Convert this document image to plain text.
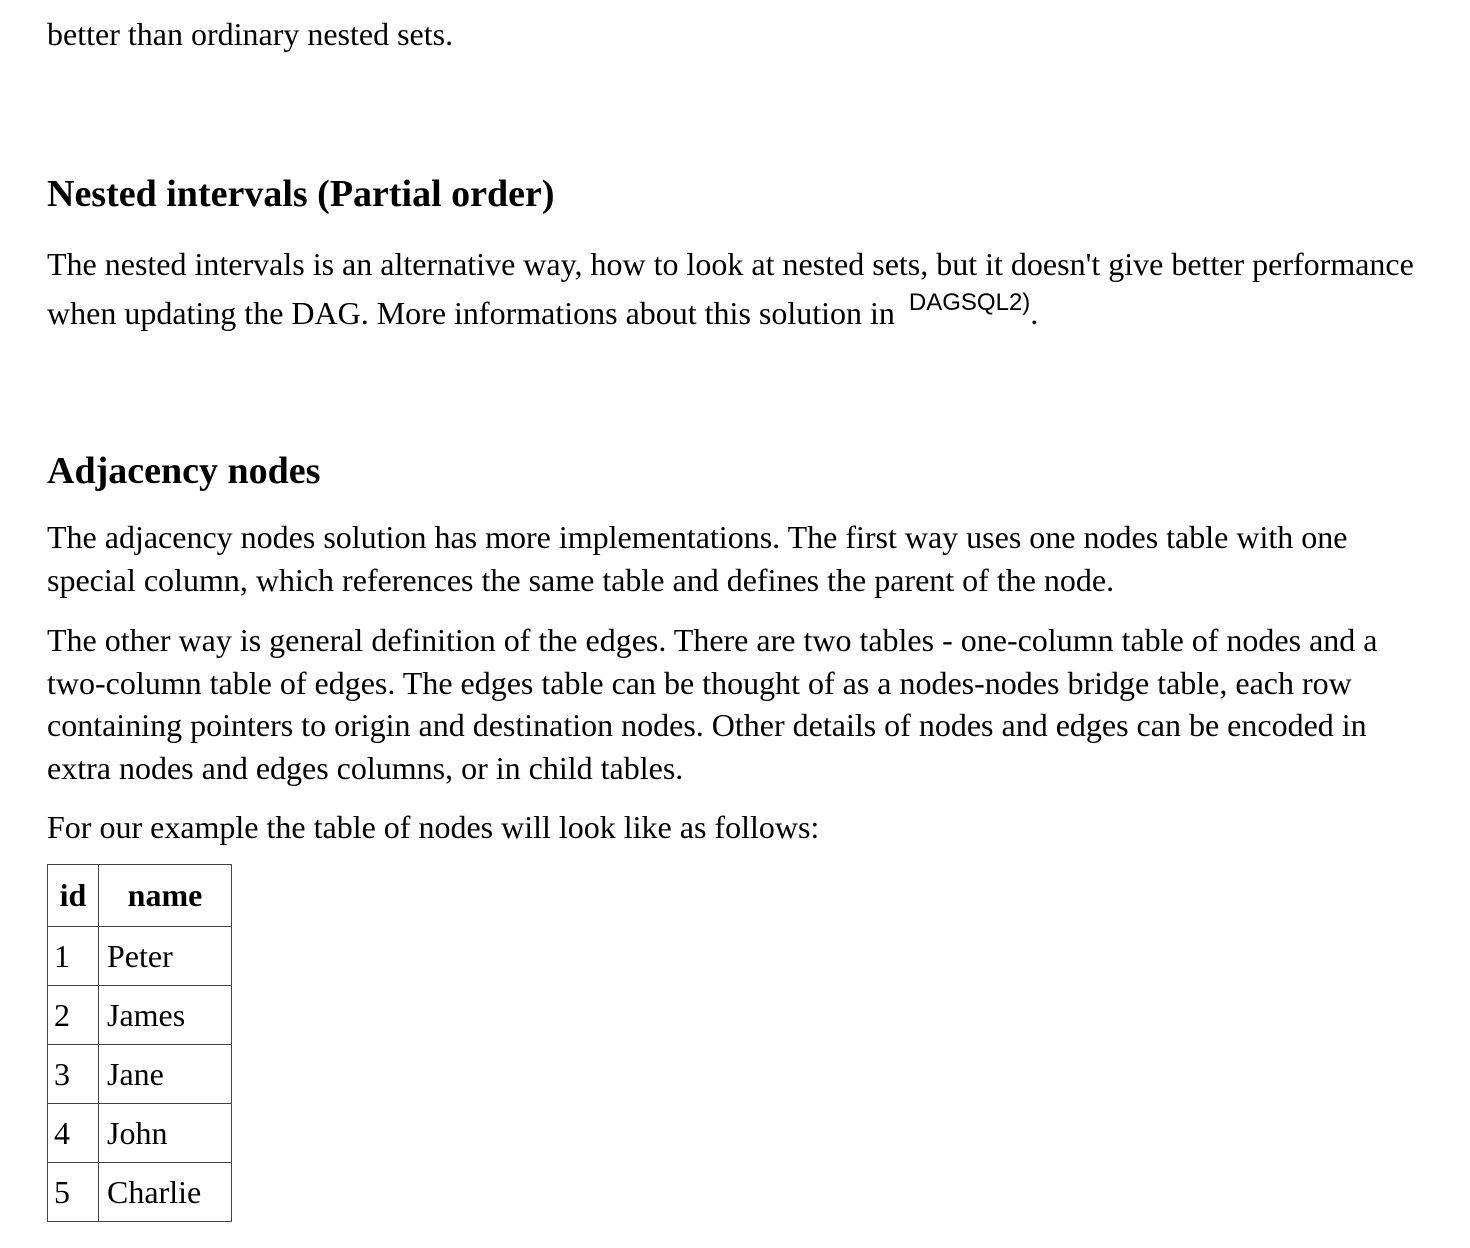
better than ordinary nested sets.

Nested intervals (Partial order)

The nested intervals is an alternative way, how to look at nested sets, but it doesn't give better performance when updating the DAG. More informations about this solution in $^{DAGSQL2)}$.

Adjacency nodes

The adjacency nodes solution has more implementations. The first way uses one nodes table with one special column, which references the same table and defines the parent of the node.

The other way is general definition of the edges. There are two tables - one-column table of nodes and a two-column table of edges. The edges table can be thought of as a nodes-nodes bridge table, each row containing pointers to origin and destination nodes. Other details of nodes and edges can be encoded in extra nodes and edges columns, or in child tables.

For our example the table of nodes will look like as follows:

id	name
1	Peter
2	James
3	Jane
4	John
5	Charlie
